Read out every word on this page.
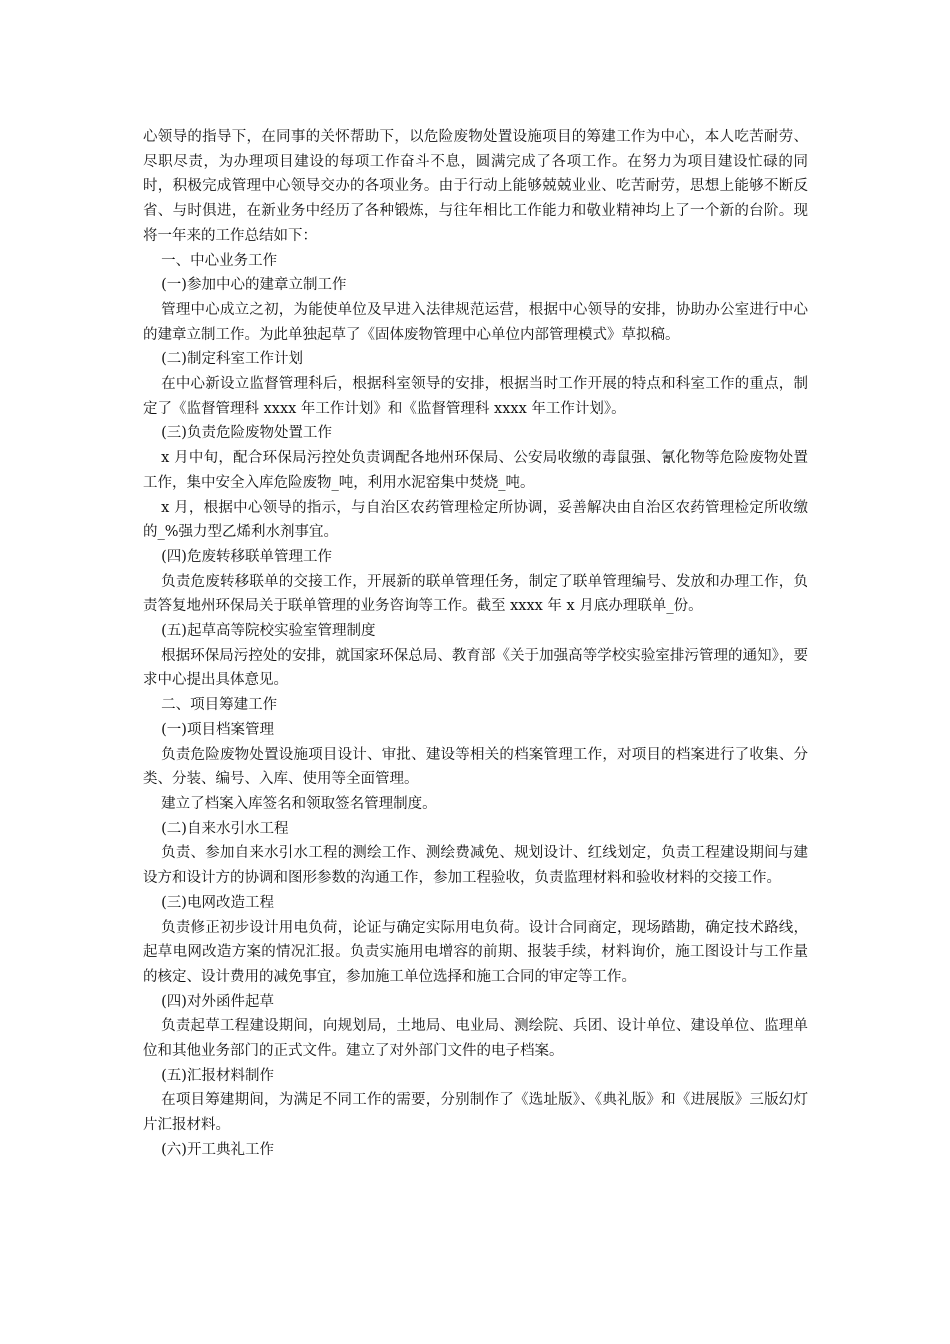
心领导的指导下，在同事的关怀帮助下，以危险废物处置设施项目的筹建工作为中心，本人吃苦耐劳、尽职尽责，为办理项目建设的每项工作奋斗不息，圆满完成了各项工作。在努力为项目建设忙碌的同时，积极完成管理中心领导交办的各项业务。由于行动上能够兢兢业业、吃苦耐劳，思想上能够不断反省、与时俱进，在新业务中经历了各种锻炼，与往年相比工作能力和敬业精神均上了一个新的台阶。现将一年来的工作总结如下：

一、中心业务工作

(一)参加中心的建章立制工作

管理中心成立之初，为能使单位及早进入法律规范运营，根据中心领导的安排，协助办公室进行中心的建章立制工作。为此单独起草了《固体废物管理中心单位内部管理模式》草拟稿。

(二)制定科室工作计划

在中心新设立监督管理科后，根据科室领导的安排，根据当时工作开展的特点和科室工作的重点，制定了《监督管理科 xxxx 年工作计划》和《监督管理科 xxxx 年工作计划》。

(三)负责危险废物处置工作

x 月中旬，配合环保局污控处负责调配各地州环保局、公安局收缴的毒鼠强、氰化物等危险废物处置工作，集中安全入库危险废物_吨，利用水泥窑集中焚烧_吨。

x 月，根据中心领导的指示，与自治区农药管理检定所协调，妥善解决由自治区农药管理检定所收缴的_%强力型乙烯利水剂事宜。

(四)危废转移联单管理工作

负责危废转移联单的交接工作，开展新的联单管理任务，制定了联单管理编号、发放和办理工作，负责答复地州环保局关于联单管理的业务咨询等工作。截至 xxxx 年 x 月底办理联单_份。

(五)起草高等院校实验室管理制度

根据环保局污控处的安排，就国家环保总局、教育部《关于加强高等学校实验室排污管理的通知》，要求中心提出具体意见。

二、项目筹建工作

(一)项目档案管理

负责危险废物处置设施项目设计、审批、建设等相关的档案管理工作，对项目的档案进行了收集、分类、分装、编号、入库、使用等全面管理。

建立了档案入库签名和领取签名管理制度。

(二)自来水引水工程

负责、参加自来水引水工程的测绘工作、测绘费减免、规划设计、红线划定，负责工程建设期间与建设方和设计方的协调和图形参数的沟通工作，参加工程验收，负责监理材料和验收材料的交接工作。

(三)电网改造工程

负责修正初步设计用电负荷，论证与确定实际用电负荷。设计合同商定，现场踏勘，确定技术路线，起草电网改造方案的情况汇报。负责实施用电增容的前期、报装手续，材料询价，施工图设计与工作量的核定、设计费用的减免事宜，参加施工单位选择和施工合同的审定等工作。

(四)对外函件起草

负责起草工程建设期间，向规划局，土地局、电业局、测绘院、兵团、设计单位、建设单位、监理单位和其他业务部门的正式文件。建立了对外部门文件的电子档案。

(五)汇报材料制作

在项目筹建期间，为满足不同工作的需要，分别制作了《选址版》、《典礼版》和《进展版》三版幻灯片汇报材料。

(六)开工典礼工作
